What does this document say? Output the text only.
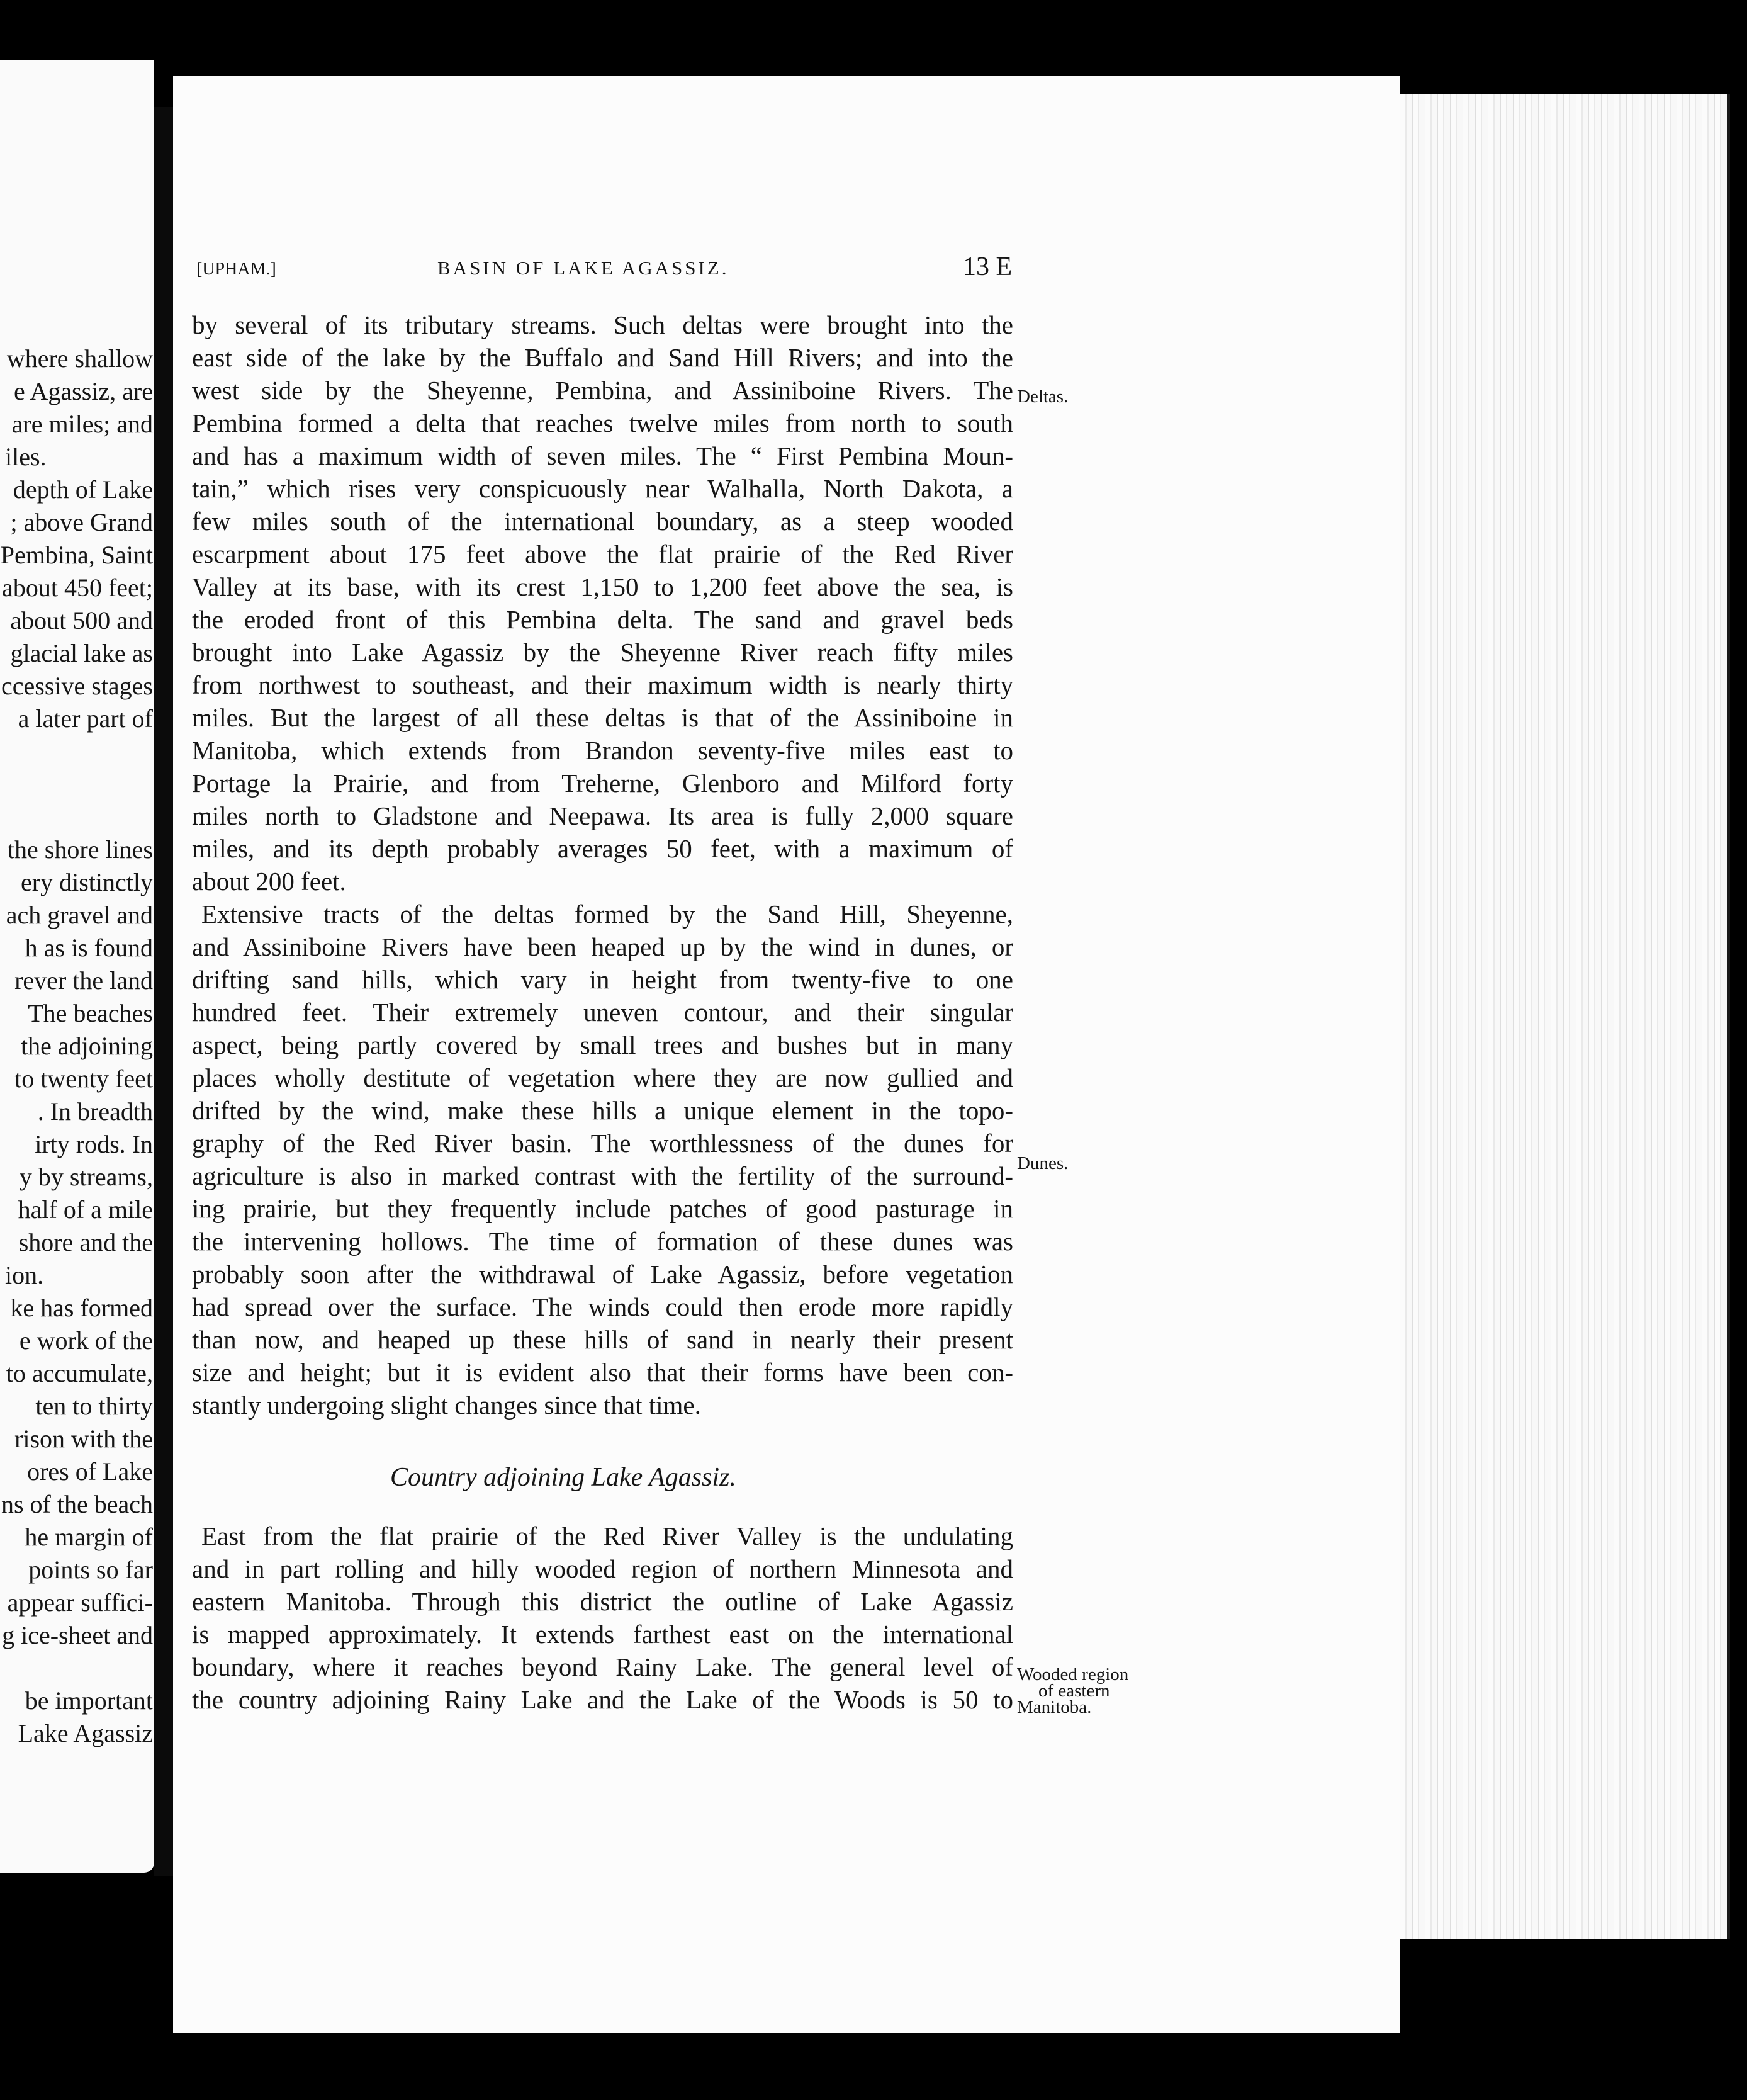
where shallow
e Agassiz, are
are miles; and
iles.
depth of Lake
; above Grand
Pembina, Saint
about 450 feet;
about 500 and
glacial lake as
ccessive stages
a later part of
the shore lines
ery distinctly
ach gravel and
h as is found
rever the land
The beaches
the adjoining
to twenty feet
. In breadth
irty rods. In
y by streams,
half of a mile
shore and the
ion.
ke has formed
e work of the
to accumulate,
ten to thirty
rison with the
ores of Lake
ns of the beach
he margin of
points so far
appear suffici-
g ice-sheet and
be important
Lake Agassiz
[UPHAM.]	BASIN OF LAKE AGASSIZ.	13 E
by several of its tributary streams. Such deltas were brought into the
east side of the lake by the Buffalo and Sand Hill Rivers; and into the
west side by the Sheyenne, Pembina, and Assiniboine Rivers. The
Pembina formed a delta that reaches twelve miles from north to south
and has a maximum width of seven miles. The “ First Pembina Moun-
tain,” which rises very conspicuously near Walhalla, North Dakota, a
few miles south of the international boundary, as a steep wooded
escarpment about 175 feet above the flat prairie of the Red River
Valley at its base, with its crest 1,150 to 1,200 feet above the sea, is
the eroded front of this Pembina delta. The sand and gravel beds
brought into Lake Agassiz by the Sheyenne River reach fifty miles
from northwest to southeast, and their maximum width is nearly thirty
miles. But the largest of all these deltas is that of the Assiniboine in
Manitoba, which extends from Brandon seventy-five miles east to
Portage la Prairie, and from Treherne, Glenboro and Milford forty
miles north to Gladstone and Neepawa. Its area is fully 2,000 square
miles, and its depth probably averages 50 feet, with a maximum of
about 200 feet.
Extensive tracts of the deltas formed by the Sand Hill, Sheyenne,
and Assiniboine Rivers have been heaped up by the wind in dunes, or
drifting sand hills, which vary in height from twenty-five to one
hundred feet. Their extremely uneven contour, and their singular
aspect, being partly covered by small trees and bushes but in many
places wholly destitute of vegetation where they are now gullied and
drifted by the wind, make these hills a unique element in the topo-
graphy of the Red River basin. The worthlessness of the dunes for
agriculture is also in marked contrast with the fertility of the surround-
ing prairie, but they frequently include patches of good pasturage in
the intervening hollows. The time of formation of these dunes was
probably soon after the withdrawal of Lake Agassiz, before vegetation
had spread over the surface. The winds could then erode more rapidly
than now, and heaped up these hills of sand in nearly their present
size and height; but it is evident also that their forms have been con-
stantly undergoing slight changes since that time.
East from the flat prairie of the Red River Valley is the undulating
and in part rolling and hilly wooded region of northern Minnesota and
eastern Manitoba. Through this district the outline of Lake Agassiz
is mapped approximately. It extends farthest east on the international
boundary, where it reaches beyond Rainy Lake. The general level of
the country adjoining Rainy Lake and the Lake of the Woods is 50 to
Country adjoining Lake Agassiz.
Deltas.
Dunes.
Wooded region
of eastern
Manitoba.
